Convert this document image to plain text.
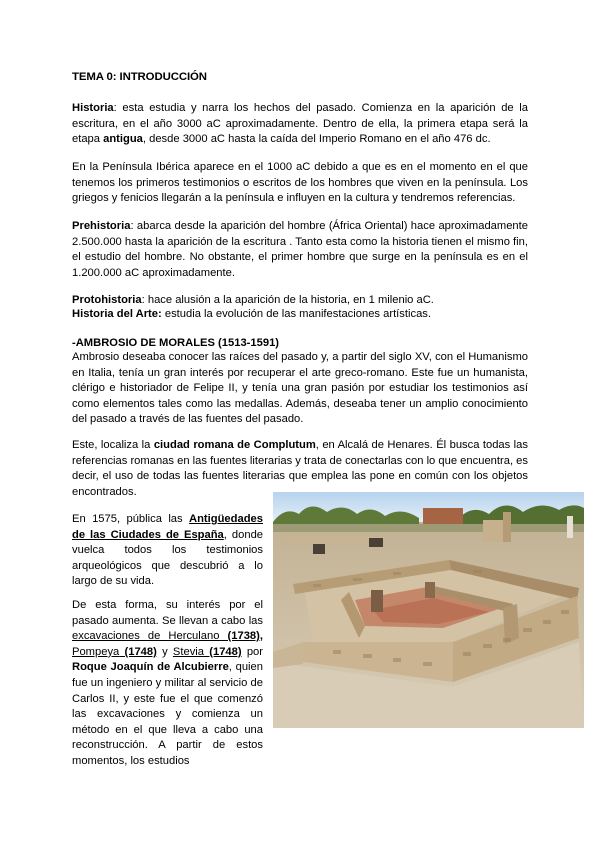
TEMA 0: INTRODUCCIÓN

Historia: esta estudia y narra los hechos del pasado. Comienza en la aparición de la escritura, en el año 3000 aC aproximadamente. Dentro de ella, la primera etapa será la etapa antigua, desde 3000 aC hasta la caída del Imperio Romano en el año 476 dc.

En la Península Ibérica aparece en el 1000 aC debido a que es en el momento en el que tenemos los primeros testimonios o escritos de los hombres que viven en la península. Los griegos y fenicios llegarán a la península e influyen en la cultura y tendremos referencias.

Prehistoria: abarca desde la aparición del hombre (África Oriental) hace aproximadamente 2.500.000 hasta la aparición de la escritura . Tanto esta como la historia tienen el mismo fin, el estudio del hombre. No obstante, el primer hombre que surge en la península es en el 1.200.000 aC aproximadamente.

Protohistoria: hace alusión a la aparición de la historia, en 1 milenio aC.

Historia del Arte: estudia la evolución de las manifestaciones artísticas.

-AMBROSIO DE MORALES (1513-1591)

Ambrosio deseaba conocer las raíces del pasado y, a partir del siglo XV, con el Humanismo en Italia, tenía un gran interés por recuperar el arte greco-romano. Este fue un humanista, clérigo e historiador de Felipe II, y tenía una gran pasión por estudiar los testimonios así como elementos tales como las medallas. Además, deseaba tener un amplio conocimiento del pasado a través de las fuentes del pasado.

Este, localiza la ciudad romana de Complutum, en Alcalá de Henares. Él busca todas las referencias romanas en las fuentes literarias y trata de conectarlas con lo que encuentra, es decir, el uso de todas las fuentes literarias que emplea las pone en común con los objetos encontrados.

En 1575, pública las Antigüedades de las Ciudades de España, donde vuelca todos los testimonios arqueológicos que descubrió a lo largo de su vida.

De esta forma, su interés por el pasado aumenta. Se llevan a cabo las excavaciones de Herculano (1738), Pompeya (1748) y Stevia (1748) por Roque Joaquín de Alcubierre, quien fue un ingeniero y militar al servicio de Carlos II, y este fue el que comenzó las excavaciones y comienza un método en el que lleva a cabo una reconstrucción. A partir de estos momentos, los estudios
